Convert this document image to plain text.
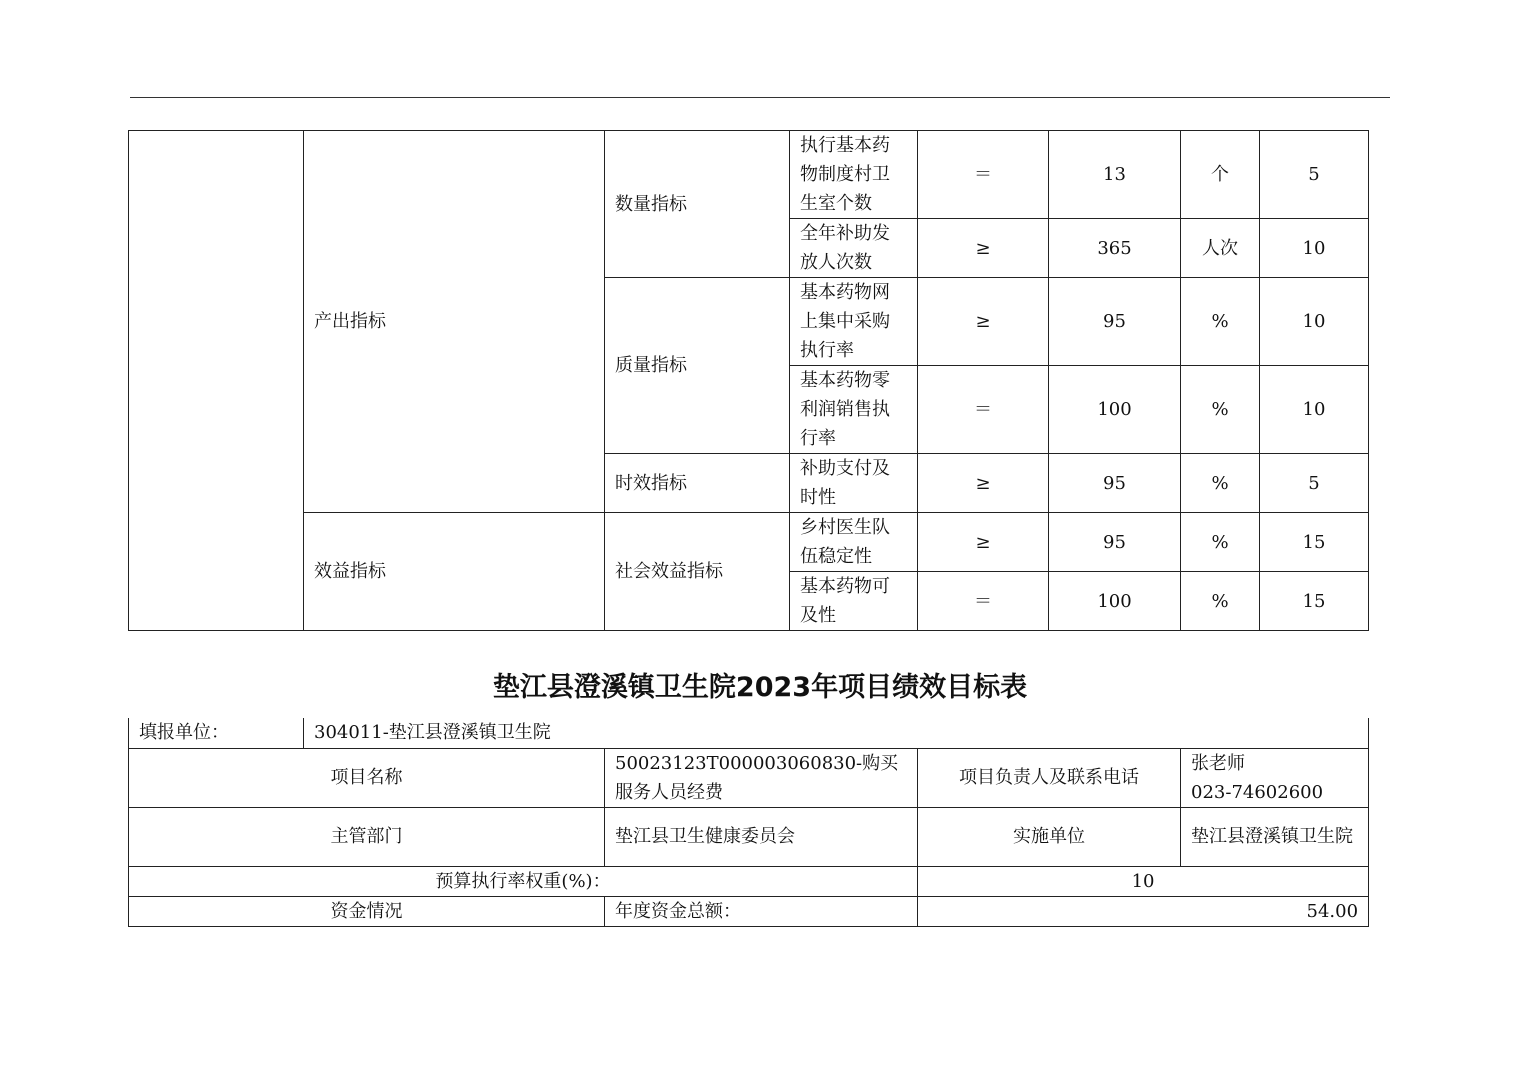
	产出指标	数量指标	执行基本药物制度村卫生室个数	＝	13	个	5
			全年补助发放人次数	≥	365	人次	10
		质量指标	基本药物网上集中采购执行率	≥	95	%	10
			基本药物零利润销售执行率	＝	100	%	10
		时效指标	补助支付及时性	≥	95	%	5

	效益指标	社会效益指标	乡村医生队伍稳定性	≥	95	%	15
			基本药物可及性	＝	100	%	15
垫江县澄溪镇卫生院2023年项目绩效目标表
填报单位：	304011-垫江县澄溪镇卫生院			
项目名称		50023123T000003060830-购买服务人员经费	项目负责人及联系电话	张老师
023-74602600

主管部门		垫江县卫生健康委员会	实施单位	垫江县澄溪镇卫生院
预算执行率权重(%)：			10	
资金情况		年度资金总额：	54.00	
